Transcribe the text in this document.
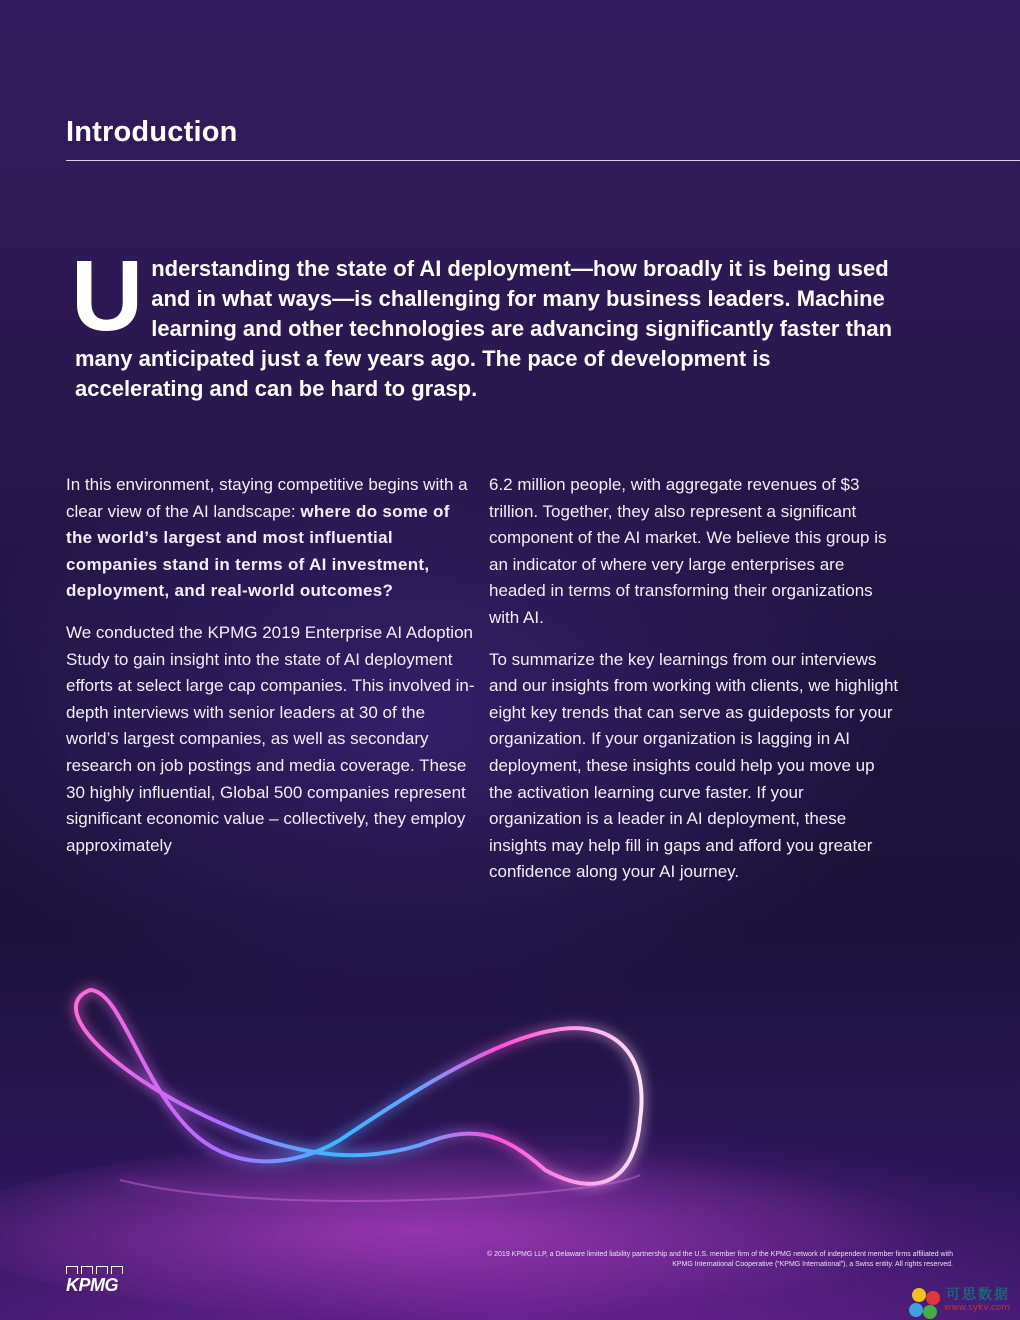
Introduction
Understanding the state of AI deployment—how broadly it is being used and in what ways—is challenging for many business leaders. Machine learning and other technologies are advancing significantly faster than many anticipated just a few years ago. The pace of development is accelerating and can be hard to grasp.

In this environment, staying competitive begins with a clear view of the AI landscape: where do some of the world’s largest and most influential companies stand in terms of AI investment, deployment, and real-world outcomes?

We conducted the KPMG 2019 Enterprise AI Adoption Study to gain insight into the state of AI deployment efforts at select large cap companies. This involved in-depth interviews with senior leaders at 30 of the world’s largest companies, as well as secondary research on job postings and media coverage. These 30 highly influential, Global 500 companies represent significant economic value – collectively, they employ approximately

6.2 million people, with aggregate revenues of $3 trillion. Together, they also represent a significant component of the AI market. We believe this group is an indicator of where very large enterprises are headed in terms of transforming their organizations with AI.

To summarize the key learnings from our interviews and our insights from working with clients, we highlight eight key trends that can serve as guideposts for your organization. If your organization is lagging in AI deployment, these insights could help you move up the activation learning curve faster. If your organization is a leader in AI deployment, these insights may help fill in gaps and afford you greater confidence along your AI journey.

© 2019 KPMG LLP, a Delaware limited liability partnership and the U.S. member firm of the KPMG network of independent member firms affiliated with
KPMG International Cooperative (“KPMG International”), a Swiss entity. All rights reserved.
KPMG	可思数据
www.sykv.com
